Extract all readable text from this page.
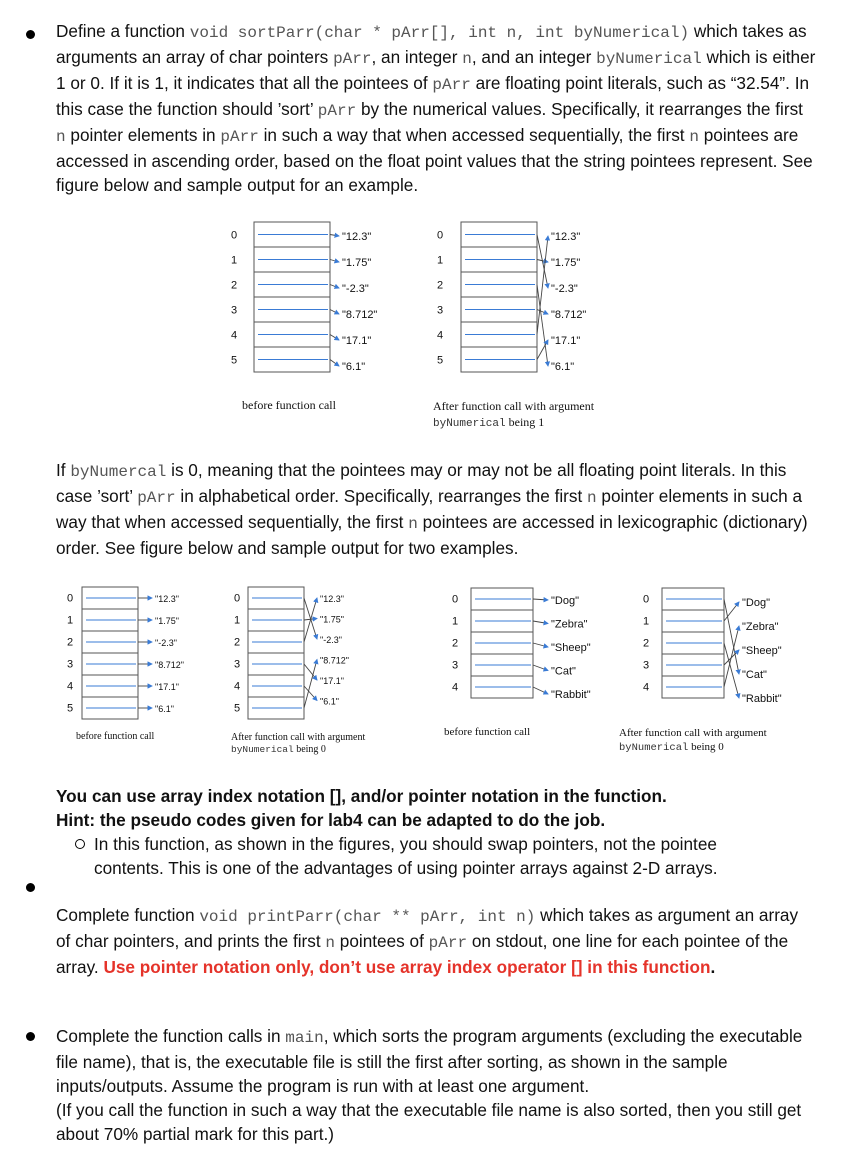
Define a function void sortParr(char * pArr[], int n, int byNumerical) which takes as arguments an array of char pointers pArr, an integer n, and an integer byNumerical which is either 1 or 0. If it is 1, it indicates that all the pointees of pArr are floating point literals, such as “32.54”. In this case the function should ’sort’ pArr by the numerical values. Specifically, it rearranges the first n pointer elements in pArr in such a way that when accessed sequentially, the first n pointees are accessed in ascending order, based on the float point values that the string pointees represent. See figure below and sample output for an example.
0
1
2
3
4
5
"12.3"
"1.75"
"-2.3"
"8.712"
"17.1"
"6.1"
0
1
2
3
4
5
"12.3"
"1.75"
"-2.3"
"8.712"
"17.1"
"6.1"
before function call	After function call with argument
byNumerical being 1
If byNumercal is 0, meaning that the pointees may or may not be all floating point literals. In this case ’sort’ pArr in alphabetical order. Specifically, rearranges the first n pointer elements in such a way that when accessed sequentially, the first n pointees are accessed in lexicographic (dictionary) order. See figure below and sample output for two examples.
0
1
2
3
4
5
"12.3"
"1.75"
"-2.3"
"8.712"
"17.1"
"6.1"
0
1
2
3
4
5
"12.3"
"1.75"
"-2.3"
"8.712"
"17.1"
"6.1"
0
1
2
3
4
"Dog"
"Zebra"
"Sheep"
"Cat"
"Rabbit"
0
1
2
3
4
"Dog"
"Zebra"
"Sheep"
"Cat"
"Rabbit"
before function call	After function call with argument
byNumerical being 0
before function call	After function call with argument
byNumerical being 0
You can use array index notation [], and/or pointer notation in the function.
Hint: the pseudo codes given for lab4 can be adapted to do the job.
In this function, as shown in the figures, you should swap pointers, not the pointee contents. This is one of the advantages of using pointer arrays against 2-D arrays.
Complete function void printParr(char ** pArr, int n) which takes as argument an array of char pointers, and prints the first n pointees of pArr on stdout, one line for each pointee of the array. Use pointer notation only, don’t use array index operator [] in this function.
Complete the function calls in main, which sorts the program arguments (excluding the executable file name), that is, the executable file is still the first after sorting, as shown in the sample inputs/outputs. Assume the program is run with at least one argument.
(If you call the function in such a way that the executable file name is also sorted, then you still get about 70% partial mark for this part.)
